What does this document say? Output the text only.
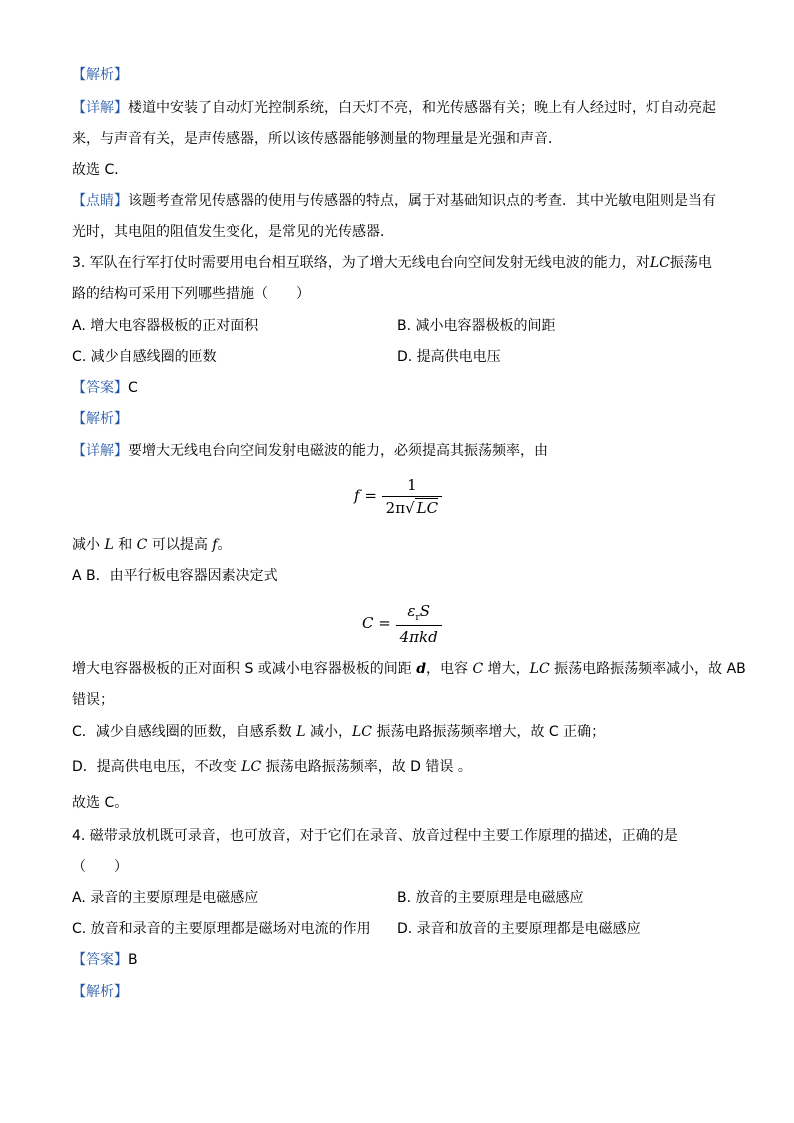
【解析】
【详解】楼道中安装了自动灯光控制系统，白天灯不亮，和光传感器有关；晚上有人经过时，灯自动亮起
来，与声音有关，是声传感器，所以该传感器能够测量的物理量是光强和声音．
故选 C．
【点睛】该题考查常见传感器的使用与传感器的特点，属于对基础知识点的考查．其中光敏电阻则是当有
光时，其电阻的阻值发生变化，是常见的光传感器．
3. 军队在行军打仗时需要用电台相互联络，为了增大无线电台向空间发射无线电波的能力，对LC振荡电
路的结构可采用下列哪些措施（　　）
A. 增大电容器极板的正对面积	B. 减小电容器极板的间距
C. 减少自感线圈的匝数	D. 提高供电电压
【答案】C
【解析】
【详解】要增大无线电台向空间发射电磁波的能力，必须提高其振荡频率，由
$f = \frac{1}{2\pi√ LC}$
减小 L 和 C 可以提高 f。
A B．由平行板电容器因素决定式
$C = \frac{\varepsilon_rS}{\text{4πkd}}$
增大电容器极板的正对面积 S 或减小电容器极板的间距 d，电容 C 增大，LC 振荡电路振荡频率减小，故 AB
错误；
C．减少自感线圈的匝数，自感系数 L 减小，LC 振荡电路振荡频率增大，故 C 正确；
D．提高供电电压，不改变 LC 振荡电路振荡频率，故 D 错误 。
故选 C。
4. 磁带录放机既可录音，也可放音，对于它们在录音、放音过程中主要工作原理的描述，正确的是
（　　）
A. 录音的主要原理是电磁感应	B. 放音的主要原理是电磁感应
C. 放音和录音的主要原理都是磁场对电流的作用 D. 录音和放音的主要原理都是电磁感应
【答案】B
【解析】
